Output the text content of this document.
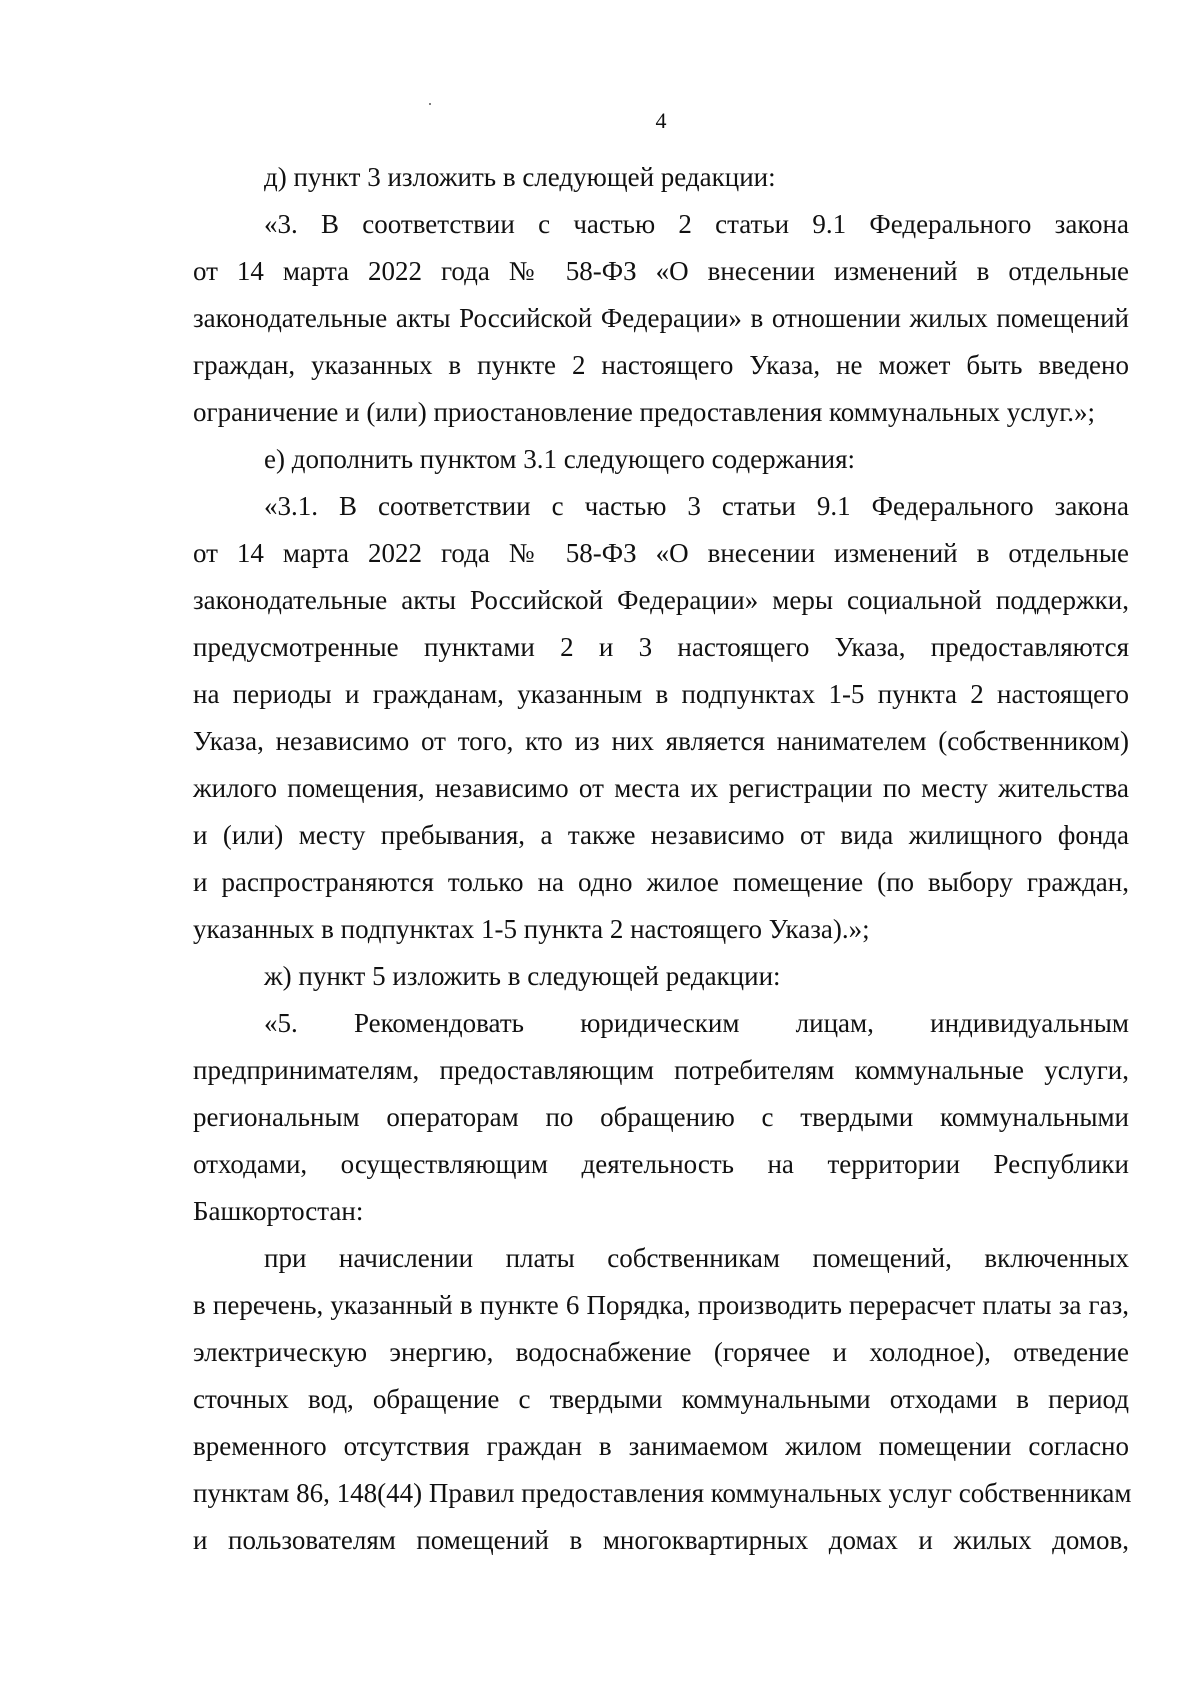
4
д) пункт 3 изложить в следующей редакции:
«3. В соответствии с частью 2 статьи 9.1 Федерального закона
от 14 марта 2022 года № 58-ФЗ «О внесении изменений в отдельные
законодательные акты Российской Федерации» в отношении жилых помещений
граждан, указанных в пункте 2 настоящего Указа, не может быть введено
ограничение и (или) приостановление предоставления коммунальных услуг.»;
е) дополнить пунктом 3.1 следующего содержания:
«3.1. В соответствии с частью 3 статьи 9.1 Федерального закона
от 14 марта 2022 года № 58-ФЗ «О внесении изменений в отдельные
законодательные акты Российской Федерации» меры социальной поддержки,
предусмотренные пунктами 2 и 3 настоящего Указа, предоставляются
на периоды и гражданам, указанным в подпунктах 1-5 пункта 2 настоящего
Указа, независимо от того, кто из них является нанимателем (собственником)
жилого помещения, независимо от места их регистрации по месту жительства
и (или) месту пребывания, а также независимо от вида жилищного фонда
и распространяются только на одно жилое помещение (по выбору граждан,
указанных в подпунктах 1-5 пункта 2 настоящего Указа).»;
ж) пункт 5 изложить в следующей редакции:
«5. Рекомендовать юридическим лицам, индивидуальным
предпринимателям, предоставляющим потребителям коммунальные услуги,
региональным операторам по обращению с твердыми коммунальными
отходами, осуществляющим деятельность на территории Республики
Башкортостан:
при начислении платы собственникам помещений, включенных
в перечень, указанный в пункте 6 Порядка, производить перерасчет платы за газ,
электрическую энергию, водоснабжение (горячее и холодное), отведение
сточных вод, обращение с твердыми коммунальными отходами в период
временного отсутствия граждан в занимаемом жилом помещении согласно
пунктам 86, 148(44) Правил предоставления коммунальных услуг собственникам
и пользователям помещений в многоквартирных домах и жилых домов,
